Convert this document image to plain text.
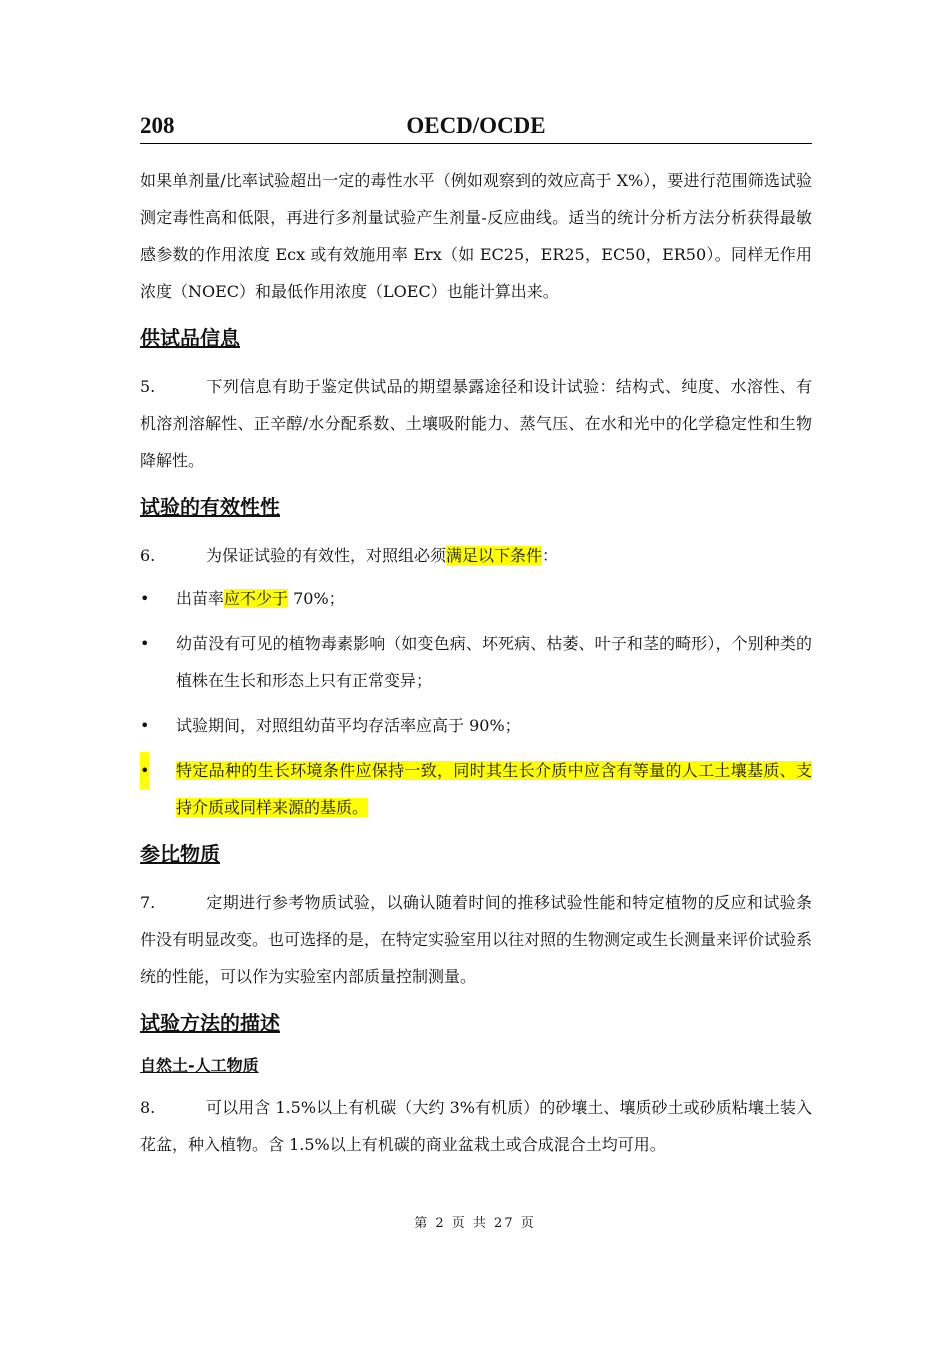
208	OECD/OCDE

如果单剂量/比率试验超出一定的毒性水平（例如观察到的效应高于 X%），要进行范围筛选试验测定毒性高和低限，再进行多剂量试验产生剂量-反应曲线。适当的统计分析方法分析获得最敏感参数的作用浓度 Ecx 或有效施用率 Erx（如 EC25，ER25，EC50，ER50）。同样无作用浓度（NOEC）和最低作用浓度（LOEC）也能计算出来。

供试品信息

5.	下列信息有助于鉴定供试品的期望暴露途径和设计试验：结构式、纯度、水溶性、有机溶剂溶解性、正辛醇/水分配系数、土壤吸附能力、蒸气压、在水和光中的化学稳定性和生物降解性。

试验的有效性性

6.	为保证试验的有效性，对照组必须满足以下条件：

• 出苗率应不少于 70%；
• 幼苗没有可见的植物毒素影响（如变色病、坏死病、枯萎、叶子和茎的畸形），个别种类的植株在生长和形态上只有正常变异；
• 试验期间，对照组幼苗平均存活率应高于 90%；
• 特定品种的生长环境条件应保持一致，同时其生长介质中应含有等量的人工土壤基质、支持介质或同样来源的基质。
参比物质

7.	定期进行参考物质试验，以确认随着时间的推移试验性能和特定植物的反应和试验条件没有明显改变。也可选择的是，在特定实验室用以往对照的生物测定或生长测量来评价试验系统的性能，可以作为实验室内部质量控制测量。

试验方法的描述
自然土-人工物质

8.	可以用含 1.5%以上有机碳（大约 3%有机质）的砂壤土、壤质砂土或砂质粘壤土装入花盆，种入植物。含 1.5%以上有机碳的商业盆栽土或合成混合土均可用。

第 2 页 共 27 页
